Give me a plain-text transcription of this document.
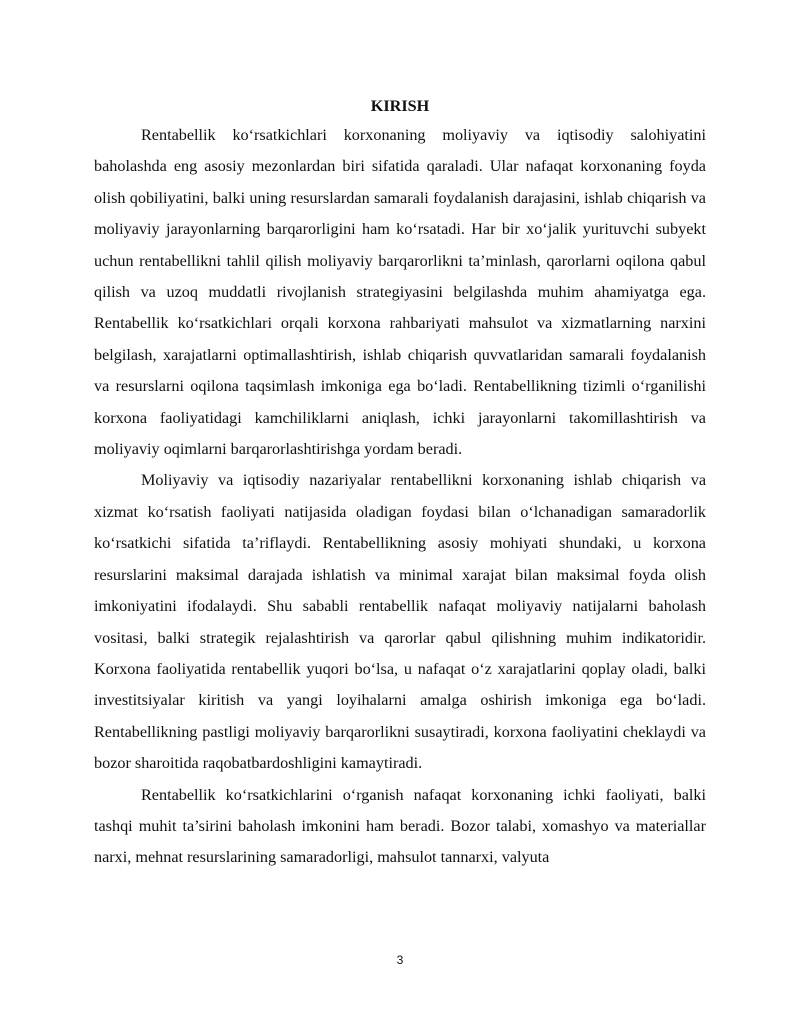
KIRISH

Rentabellik ko‘rsatkichlari korxonaning moliyaviy va iqtisodiy salohiyatini baholashda eng asosiy mezonlardan biri sifatida qaraladi. Ular nafaqat korxonaning foyda olish qobiliyatini, balki uning resurslardan samarali foydalanish darajasini, ishlab chiqarish va moliyaviy jarayonlarning barqarorligini ham ko‘rsatadi. Har bir xo‘jalik yurituvchi subyekt uchun rentabellikni tahlil qilish moliyaviy barqarorlikni ta’minlash, qarorlarni oqilona qabul qilish va uzoq muddatli rivojlanish strategiyasini belgilashda muhim ahamiyatga ega. Rentabellik ko‘rsatkichlari orqali korxona rahbariyati mahsulot va xizmatlarning narxini belgilash, xarajatlarni optimallashtirish, ishlab chiqarish quvvatlaridan samarali foydalanish va resurslarni oqilona taqsimlash imkoniga ega bo‘ladi. Rentabellikning tizimli o‘rganilishi korxona faoliyatidagi kamchiliklarni aniqlash, ichki jarayonlarni takomillashtirish va moliyaviy oqimlarni barqarorlashtirishga yordam beradi.

Moliyaviy va iqtisodiy nazariyalar rentabellikni korxonaning ishlab chiqarish va xizmat ko‘rsatish faoliyati natijasida oladigan foydasi bilan o‘lchanadigan samaradorlik ko‘rsatkichi sifatida ta’riflaydi. Rentabellikning asosiy mohiyati shundaki, u korxona resurslarini maksimal darajada ishlatish va minimal xarajat bilan maksimal foyda olish imkoniyatini ifodalaydi. Shu sababli rentabellik nafaqat moliyaviy natijalarni baholash vositasi, balki strategik rejalashtirish va qarorlar qabul qilishning muhim indikatoridir. Korxona faoliyatida rentabellik yuqori bo‘lsa, u nafaqat o‘z xarajatlarini qoplay oladi, balki investitsiyalar kiritish va yangi loyihalarni amalga oshirish imkoniga ega bo‘ladi. Rentabellikning pastligi moliyaviy barqarorlikni susaytiradi, korxona faoliyatini cheklaydi va bozor sharoitida raqobatbardoshligini kamaytiradi.

Rentabellik ko‘rsatkichlarini o‘rganish nafaqat korxonaning ichki faoliyati, balki tashqi muhit ta’sirini baholash imkonini ham beradi. Bozor talabi, xomashyo va materiallar narxi, mehnat resurslarining samaradorligi, mahsulot tannarxi, valyuta

3
